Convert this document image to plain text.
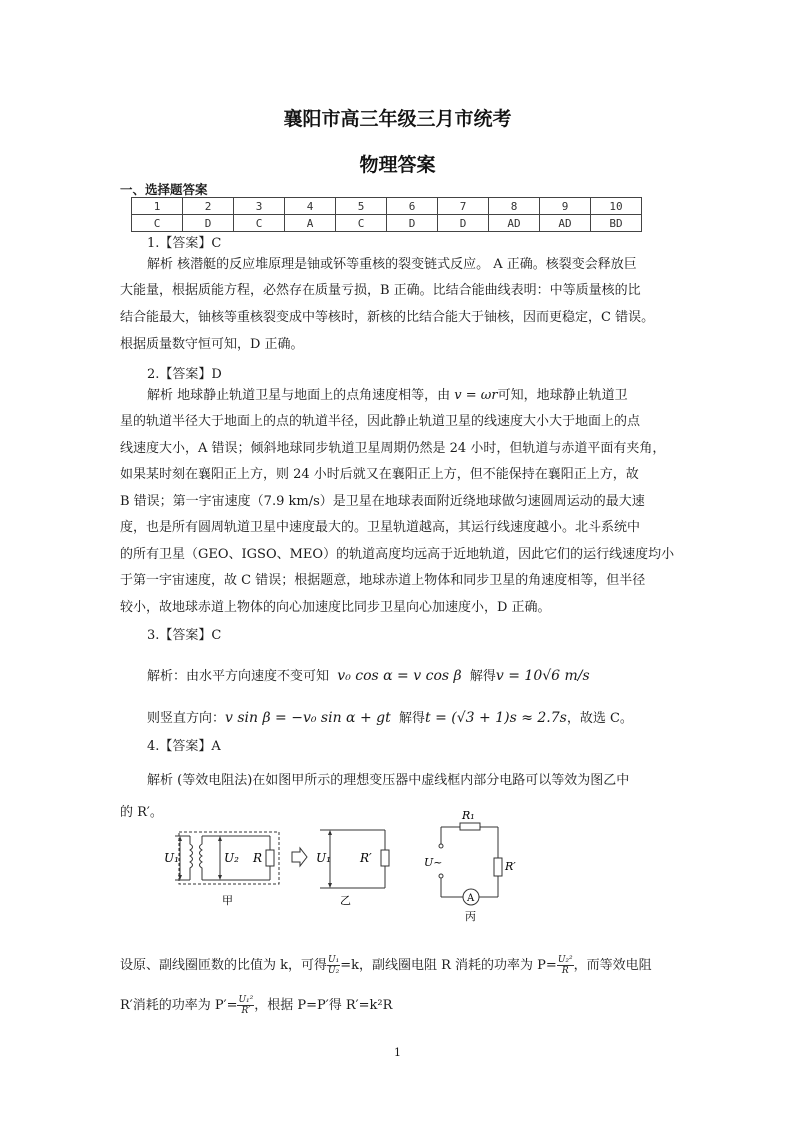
襄阳市高三年级三月市统考
物理答案
一、选择题答案
1	2	3	4	5	6	7	8	9	10
C	D	C	A	C	D	D	AD	AD	BD
1.【答案】C
解析 核潜艇的反应堆原理是铀或钚等重核的裂变链式反应。 A 正确。核裂变会释放巨
大能量，根据质能方程，必然存在质量亏损，B 正确。比结合能曲线表明：中等质量核的比
结合能最大，铀核等重核裂变成中等核时，新核的比结合能大于铀核，因而更稳定，C 错误。
根据质量数守恒可知，D 正确。
2.【答案】D
解析 地球静止轨道卫星与地面上的点角速度相等，由 v = ωr可知，地球静止轨道卫
星的轨道半径大于地面上的点的轨道半径，因此静止轨道卫星的线速度大小大于地面上的点
线速度大小，A 错误；倾斜地球同步轨道卫星周期仍然是 24 小时，但轨道与赤道平面有夹角，
如果某时刻在襄阳正上方，则 24 小时后就又在襄阳正上方，但不能保持在襄阳正上方，故
B 错误；第一宇宙速度（7.9 km/s）是卫星在地球表面附近绕地球做匀速圆周运动的最大速
度，也是所有圆周轨道卫星中速度最大的。卫星轨道越高，其运行线速度越小。北斗系统中
的所有卫星（GEO、IGSO、MEO）的轨道高度均远高于近地轨道，因此它们的运行线速度均小
于第一宇宙速度，故 C 错误；根据题意，地球赤道上物体和同步卫星的角速度相等，但半径
较小，故地球赤道上物体的向心加速度比同步卫星向心加速度小，D 正确。
3.【答案】C
解析：由水平方向速度不变可知 v₀ cos α = v cos β 解得v = 10√6 m/s
则竖直方向：v sin β = −v₀ sin α + gt 解得t = (√3 + 1)s ≈ 2.7s，故选 C。
4.【答案】A
解析 (等效电阻法)在如图甲所示的理想变压器中虚线框内部分电路可以等效为图乙中
的 R′。
U₁	U₂ R
甲
U₁ R′
乙
R₁
U~	R′
A
丙
设原、副线圈匝数的比值为 k，可得 $\frac{\text{U₁}}{\text{U₂}} =k$，副线圈电阻 R 消耗的功率为 $P= \frac{\text{U₂²}}{R}$ ，而等效电阻
R′消耗的功率为 $P'= \frac{\text{U₁²}}{R'}$ ，根据 P=P′得 R′=k²R
1
